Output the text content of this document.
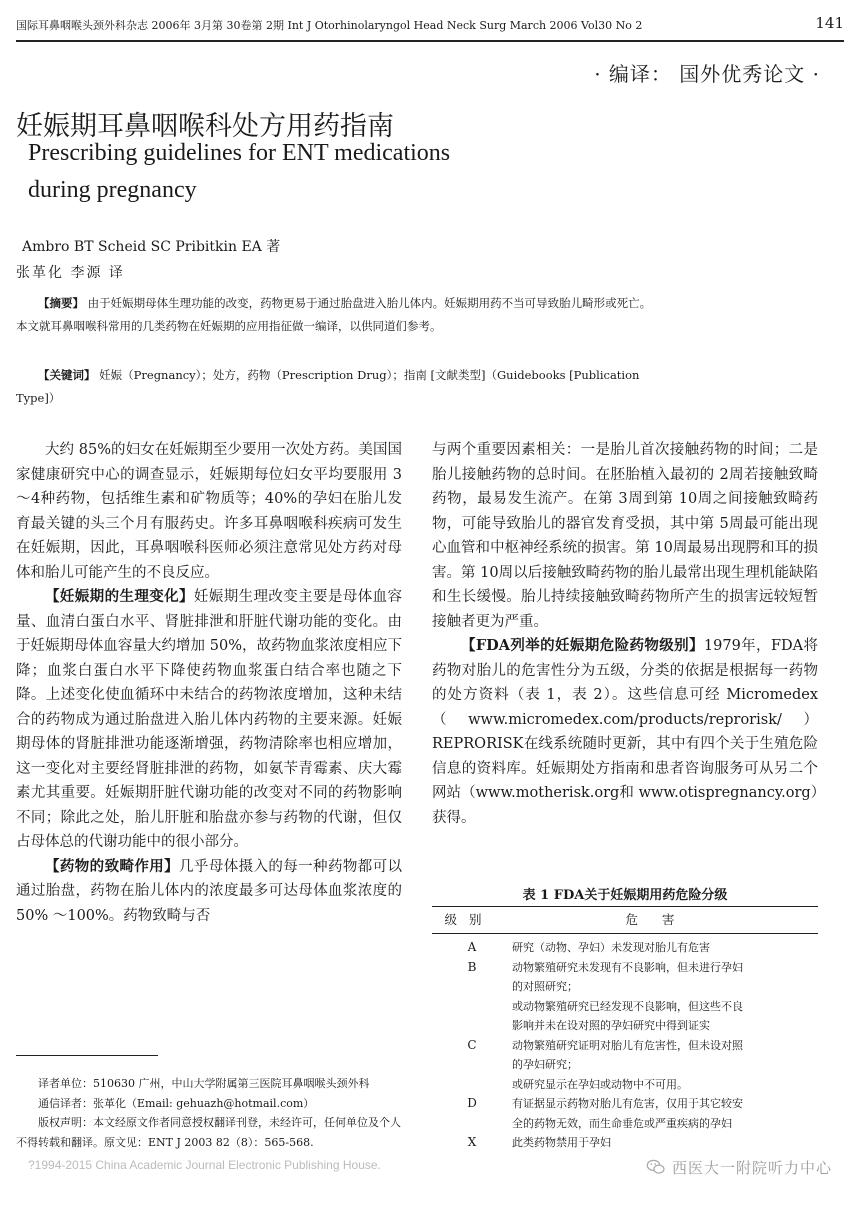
国际耳鼻咽喉头颈外科杂志 2006年 3月第 30卷第 2期 Int J Otorhinolaryngol Head Neck Surg March 2006 Vol30 No 2	141
· 编译： 国外优秀论文 ·
妊娠期耳鼻咽喉科处方用药指南
Prescribing guidelines for ENT medications
during pregnancy
Ambro BT Scheid SC Pribitkin EA 著
张革化 李源 译
【摘要】 由于妊娠期母体生理功能的改变，药物更易于通过胎盘进入胎儿体内。妊娠期用药不当可导致胎儿畸形或死亡。本文就耳鼻咽喉科常用的几类药物在妊娠期的应用指征做一编译，以供同道们参考。
【关键词】 妊娠（Pregnancy）；处方，药物（Prescription Drug）；指南 [文献类型]（Guidebooks [Publication Type]）

大约 85%的妇女在妊娠期至少要用一次处方药。美国国家健康研究中心的调查显示，妊娠期每位妇女平均要服用 3～4种药物，包括维生素和矿物质等；40%的孕妇在胎儿发育最关键的头三个月有服药史。许多耳鼻咽喉科疾病可发生在妊娠期，因此，耳鼻咽喉科医师必须注意常见处方药对母体和胎儿可能产生的不良反应。

【妊娠期的生理变化】妊娠期生理改变主要是母体血容量、血清白蛋白水平、肾脏排泄和肝脏代谢功能的变化。由于妊娠期母体血容量大约增加 50%，故药物血浆浓度相应下降；血浆白蛋白水平下降使药物血浆蛋白结合率也随之下降。上述变化使血循环中未结合的药物浓度增加，这种未结合的药物成为通过胎盘进入胎儿体内药物的主要来源。妊娠期母体的肾脏排泄功能逐渐增强，药物清除率也相应增加，这一变化对主要经肾脏排泄的药物，如氨苄青霉素、庆大霉素尤其重要。妊娠期肝脏代谢功能的改变对不同的药物影响不同；除此之处，胎儿肝脏和胎盘亦参与药物的代谢，但仅占母体总的代谢功能中的很小部分。

【药物的致畸作用】几乎母体摄入的每一种药物都可以通过胎盘，药物在胎儿体内的浓度最多可达母体血浆浓度的 50% ～100%。药物致畸与否

译者单位：510630 广州，中山大学附属第三医院耳鼻咽喉头颈外科

通信译者：张革化（Email: gehuazh@hotmail.com）

版权声明：本文经原文作者同意授权翻译刊登，未经许可，任何单位及个人不得转载和翻译。原文见：ENT J 2003 82（8）：565-568.

与两个重要因素相关：一是胎儿首次接触药物的时间；二是胎儿接触药物的总时间。在胚胎植入最初的 2周若接触致畸药物，最易发生流产。在第 3周到第 10周之间接触致畸药物，可能导致胎儿的器官发育受损，其中第 5周最可能出现心血管和中枢神经系统的损害。第 10周最易出现腭和耳的损害。第 10周以后接触致畸药物的胎儿最常出现生理机能缺陷和生长缓慢。胎儿持续接触致畸药物所产生的损害远较短暂接触者更为严重。

【FDA列举的妊娠期危险药物级别】1979年，FDA将药物对胎儿的危害性分为五级，分类的依据是根据每一药物的处方资料（表 1，表 2）。这些信息可经 Micromedex（www.micromedex.com/products/reprorisk/）REPRORISK在线系统随时更新，其中有四个关于生殖危险信息的资料库。妊娠期处方指南和患者咨询服务可从另二个网站（www.motherisk.org和 www.otispregnancy.org）获得。

表 1 FDA关于妊娠期用药危险分级
级别	危害
A	研究（动物、孕妇）未发现对胎儿有危害
B	动物繁殖研究未发现有不良影响，但未进行孕妇
的对照研究；
或动物繁殖研究已经发现不良影响，但这些不良
影响并未在设对照的孕妇研究中得到证实
C	动物繁殖研究证明对胎儿有危害性，但未设对照
的孕妇研究；
或研究显示在孕妇或动物中不可用。
D	有证据显示药物对胎儿有危害，仅用于其它较安
全的药物无效，而生命垂危或严重疾病的孕妇
X	此类药物禁用于孕妇
?1994-2015 China Academic Journal Electronic Publishing House.	西医大一附院听力中心
